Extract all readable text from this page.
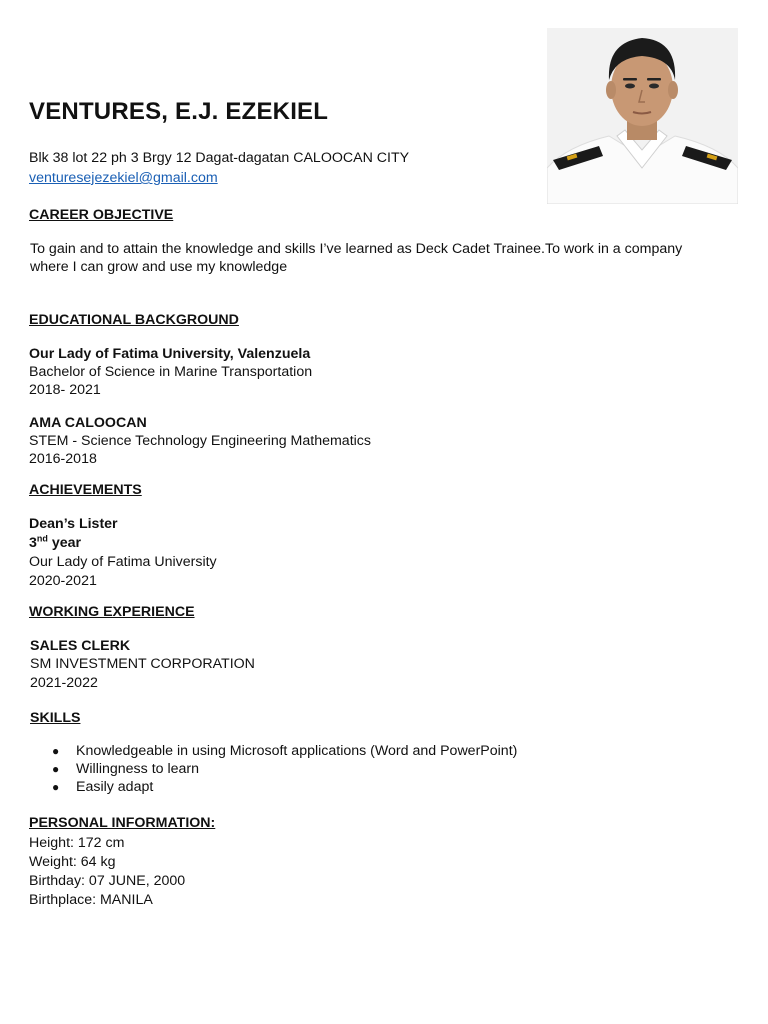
VENTURES, E.J. EZEKIEL
Blk 38 lot 22 ph 3 Brgy 12 Dagat-dagatan CALOOCAN CITY
venturesejezekiel@gmail.com
CAREER OBJECTIVE
To gain and to attain the knowledge and skills I’ve learned as Deck Cadet Trainee.To work in a company where I can grow and use my knowledge
EDUCATIONAL BACKGROUND
Our Lady of Fatima University, Valenzuela
Bachelor of Science in Marine Transportation
2018- 2021
AMA CALOOCAN
STEM - Science Technology Engineering Mathematics
2016-2018
ACHIEVEMENTS
Dean’s Lister
3nd year
Our Lady of Fatima University
2020-2021
WORKING EXPERIENCE
SALES CLERK
SM INVESTMENT CORPORATION
2021-2022
SKILLS
●	Knowledgeable in using Microsoft applications (Word and PowerPoint)
●	Willingness to learn
●	Easily adapt
PERSONAL INFORMATION:
Height: 172 cm
Weight: 64 kg
Birthday: 07 JUNE, 2000
Birthplace: MANILA
